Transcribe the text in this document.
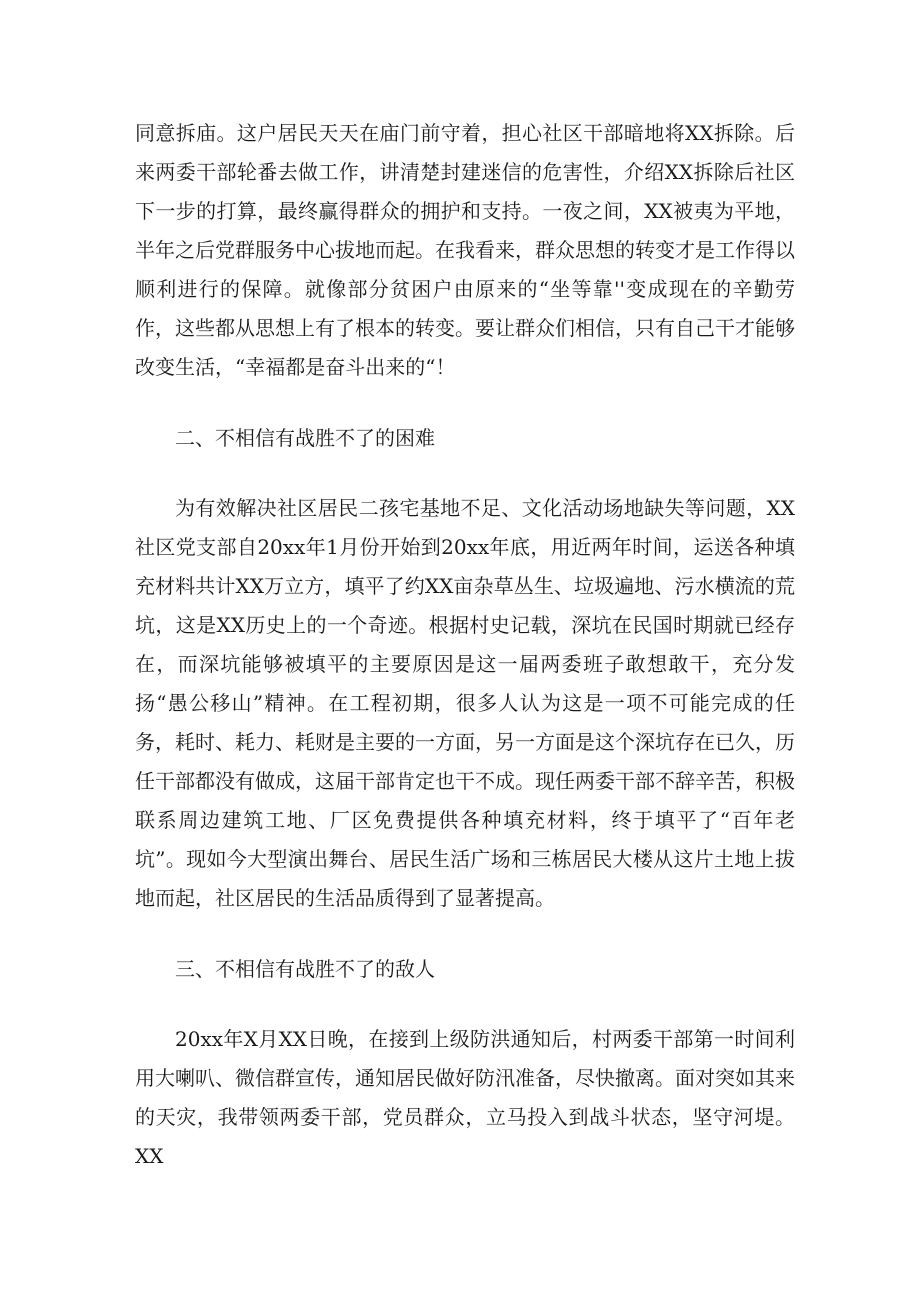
同意拆庙。这户居民天天在庙门前守着，担心社区干部暗地将XX拆除。后来两委干部轮番去做工作，讲清楚封建迷信的危害性，介绍XX拆除后社区下一步的打算，最终赢得群众的拥护和支持。一夜之间，XX被夷为平地，半年之后党群服务中心拔地而起。在我看来，群众思想的转变才是工作得以顺利进行的保障。就像部分贫困户由原来的“坐等靠''变成现在的辛勤劳作，这些都从思想上有了根本的转变。要让群众们相信，只有自己干才能够改变生活，“幸福都是奋斗出来的“！

二、不相信有战胜不了的困难

为有效解决社区居民二孩宅基地不足、文化活动场地缺失等问题，XX社区党支部自20xx年1月份开始到20xx年底，用近两年时间，运送各种填充材料共计XX万立方，填平了约XX亩杂草丛生、垃圾遍地、污水横流的荒坑，这是XX历史上的一个奇迹。根据村史记载，深坑在民国时期就已经存在，而深坑能够被填平的主要原因是这一届两委班子敢想敢干，充分发扬“愚公移山”精神。在工程初期，很多人认为这是一项不可能完成的任务，耗时、耗力、耗财是主要的一方面，另一方面是这个深坑存在已久，历任干部都没有做成，这届干部肯定也干不成。现任两委干部不辞辛苦，积极联系周边建筑工地、厂区免费提供各种填充材料，终于填平了“百年老坑”。现如今大型演出舞台、居民生活广场和三栋居民大楼从这片土地上拔地而起，社区居民的生活品质得到了显著提高。

三、不相信有战胜不了的敌人

20xx年X月XX日晚，在接到上级防洪通知后，村两委干部第一时间利用大喇叭、微信群宣传，通知居民做好防汛准备，尽快撤离。面对突如其来的天灾，我带领两委干部，党员群众，立马投入到战斗状态，坚守河堤。XX
